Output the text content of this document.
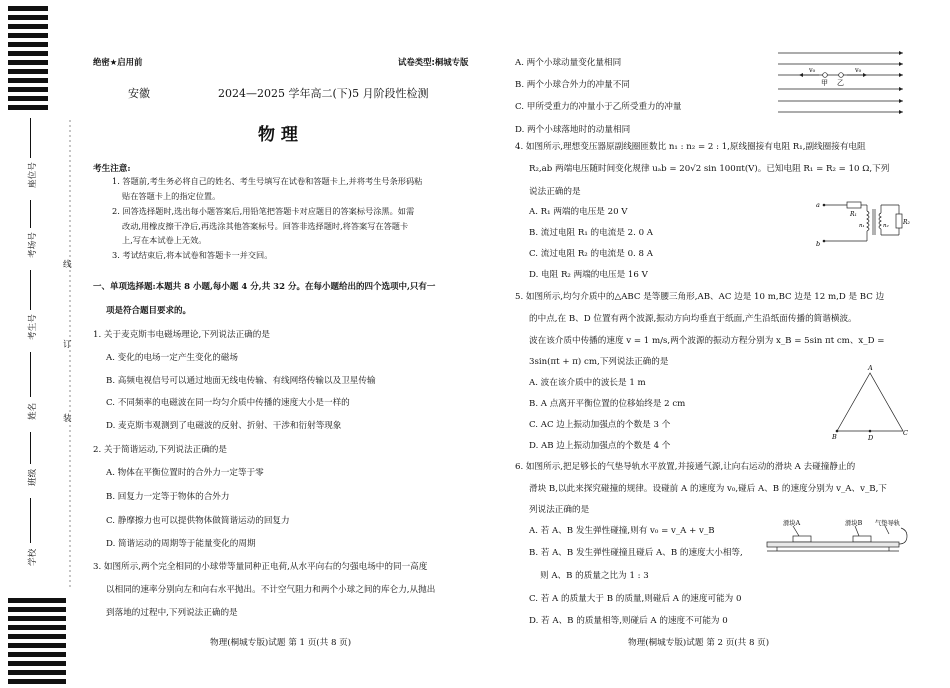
座位号
考场号
考生号
姓名
班级
学校
线
订
装
绝密★启用前	试卷类型:桐城专版
安徽	2024—2025 学年高二(下)5 月阶段性检测
物 理
考生注意:
1. 答题前,考生务必将自己的姓名、考生号填写在试卷和答题卡上,并将考生号条形码粘
贴在答题卡上的指定位置。
2. 回答选择题时,选出每小题答案后,用铅笔把答题卡对应题目的答案标号涂黑。如需
改动,用橡皮擦干净后,再选涂其他答案标号。回答非选择题时,将答案写在答题卡
上,写在本试卷上无效。
3. 考试结束后,将本试卷和答题卡一并交回。
一、单项选择题:本题共 8 小题,每小题 4 分,共 32 分。在每小题给出的四个选项中,只有一
项是符合题目要求的。
1. 关于麦克斯韦电磁场理论,下列说法正确的是
A. 变化的电场一定产生变化的磁场
B. 高频电视信号可以通过地面无线电传输、有线网络传输以及卫星传输
C. 不同频率的电磁波在同一均匀介质中传播的速度大小是一样的
D. 麦克斯韦观测到了电磁波的反射、折射、干涉和衍射等现象
2. 关于简谐运动,下列说法正确的是
A. 物体在平衡位置时的合外力一定等于零
B. 回复力一定等于物体的合外力
C. 静摩擦力也可以提供物体做简谐运动的回复力
D. 简谐运动的周期等于能量变化的周期
3. 如图所示,两个完全相同的小球带等量同种正电荷,从水平向右的匀强电场中的同一高度
以相同的速率分别向左和向右水平抛出。不计空气阻力和两个小球之间的库仑力,从抛出
到落地的过程中,下列说法正确的是
物理(桐城专版)试题 第 1 页(共 8 页)
A. 两个小球动量变化量相同
B. 两个小球合外力的冲量不同
C. 甲所受重力的冲量小于乙所受重力的冲量
D. 两个小球落地时的动量相同
v₀	v₀
甲 乙
4. 如图所示,理想变压器原副线圈匝数比 n₁ : n₂ = 2 : 1,原线圈接有电阻 R₁,副线圈接有电阻
R₂,ab 两端电压随时间变化规律 uₐb = 20√2 sin 100πt(V)。已知电阻 R₁ = R₂ = 10 Ω,下列
说法正确的是
A. R₁ 两端的电压是 20 V
B. 流过电阻 R₁ 的电流是 2. 0 A
C. 流过电阻 R₂ 的电流是 0. 8 A
D. 电阻 R₂ 两端的电压是 16 V
a
b
R₁
n₁	n₂ R₂
5. 如图所示,均匀介质中的△ABC 是等腰三角形,AB、AC 边是 10 m,BC 边是 12 m,D 是 BC 边
的中点,在 B、D 位置有两个波源,振动方向均垂直于纸面,产生沿纸面传播的简谐横波。
波在该介质中传播的速度 v = 1 m/s,两个波源的振动方程分别为 x_B = 5sin πt cm、x_D =
3sin(πt + π) cm,下列说法正确的是
A. 波在该介质中的波长是 1 m
B. A 点离开平衡位置的位移始终是 2 cm
C. AC 边上振动加强点的个数是 3 个
D. AB 边上振动加强点的个数是 4 个
A
B	D
C
6. 如图所示,把足够长的气垫导轨水平放置,并接通气源,让向右运动的滑块 A 去碰撞静止的
滑块 B,以此来探究碰撞的规律。设碰前 A 的速度为 v₀,碰后 A、B 的速度分别为 v_A、v_B,下
列说法正确的是
A. 若 A、B 发生弹性碰撞,则有 v₀ = v_A + v_B
B. 若 A、B 发生弹性碰撞且碰后 A、B 的速度大小相等,
则 A、B 的质量之比为 1 : 3
C. 若 A 的质量大于 B 的质量,则碰后 A 的速度可能为 0
D. 若 A、B 的质量相等,则碰后 A 的速度不可能为 0
滑块A	滑块B 气垫导轨
物理(桐城专版)试题 第 2 页(共 8 页)
